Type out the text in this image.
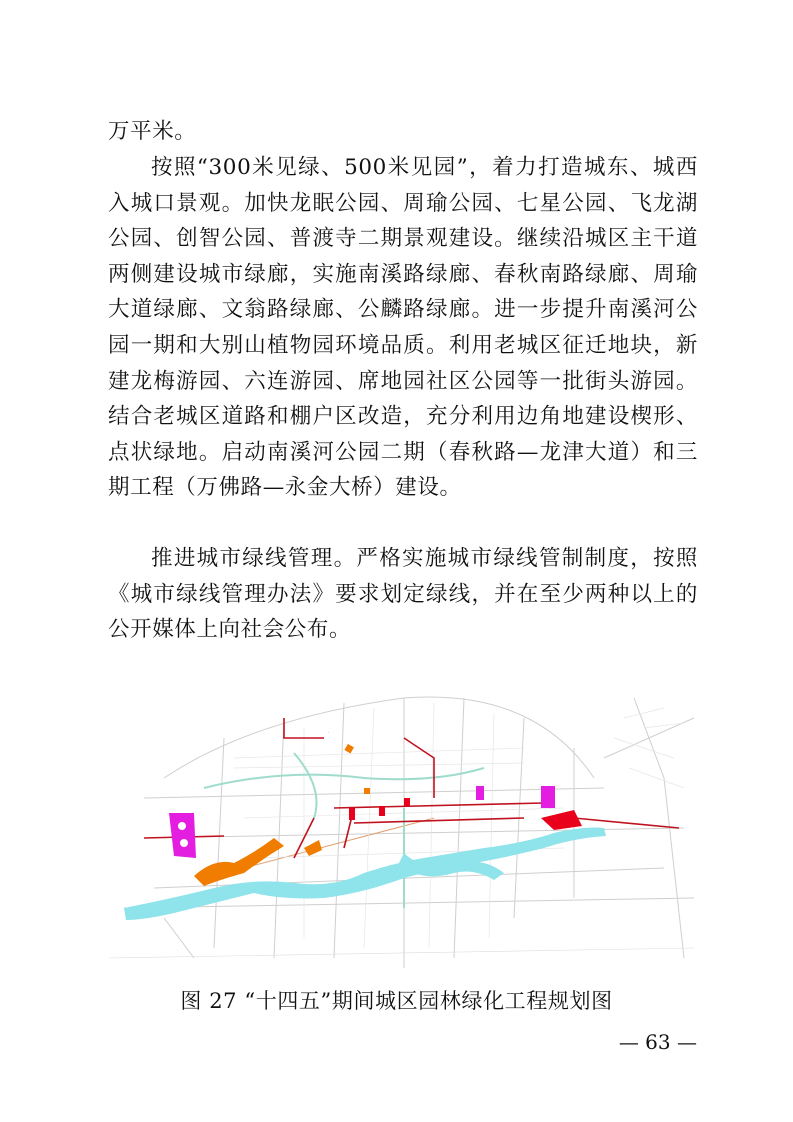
万平米。

按照“300米见绿、500米见园”，着力打造城东、城西入城口景观。加快龙眠公园、周瑜公园、七星公园、飞龙湖公园、创智公园、普渡寺二期景观建设。继续沿城区主干道两侧建设城市绿廊，实施南溪路绿廊、春秋南路绿廊、周瑜大道绿廊、文翁路绿廊、公麟路绿廊。进一步提升南溪河公园一期和大别山植物园环境品质。利用老城区征迁地块，新建龙梅游园、六连游园、席地园社区公园等一批街头游园。结合老城区道路和棚户区改造，充分利用边角地建设楔形、点状绿地。启动南溪河公园二期（春秋路—龙津大道）和三期工程（万佛路—永金大桥）建设。

推进城市绿线管理。严格实施城市绿线管制制度，按照《城市绿线管理办法》要求划定绿线，并在至少两种以上的公开媒体上向社会公布。

·
图 27 “十四五”期间城区园林绿化工程规划图
— 63 —
